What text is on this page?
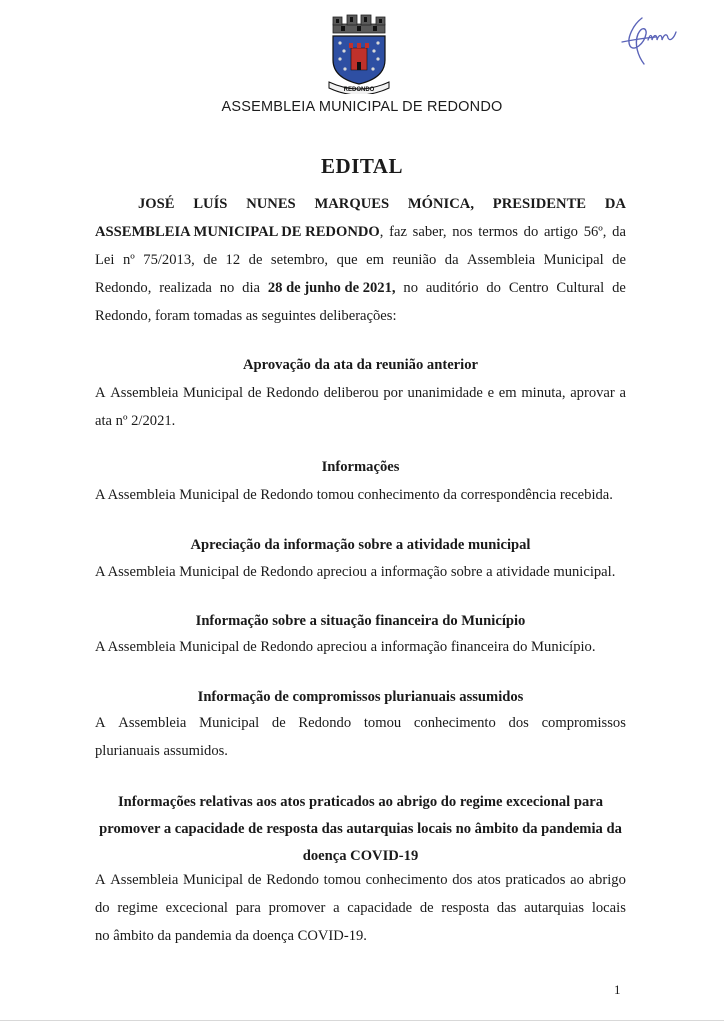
REDONDO
ASSEMBLEIA MUNICIPAL DE REDONDO
EDITAL
JOSÉ LUÍS NUNES MARQUES MÓNICA, PRESIDENTE DA
ASSEMBLEIA MUNICIPAL DE REDONDO, faz saber, nos termos do artigo 56º, da
Lei nº 75/2013, de 12 de setembro, que em reunião da Assembleia Municipal de
Redondo, realizada no dia 28 de junho de 2021, no auditório do Centro Cultural de
Redondo, foram tomadas as seguintes deliberações:
Aprovação da ata da reunião anterior
A Assembleia Municipal de Redondo deliberou por unanimidade e em minuta, aprovar a
ata nº 2/2021.
Informações
A Assembleia Municipal de Redondo tomou conhecimento da correspondência recebida.
Apreciação da informação sobre a atividade municipal
A Assembleia Municipal de Redondo apreciou a informação sobre a atividade municipal.
Informação sobre a situação financeira do Município
A Assembleia Municipal de Redondo apreciou a informação financeira do Município.
Informação de compromissos plurianuais assumidos
A Assembleia Municipal de Redondo tomou conhecimento dos compromissos
plurianuais assumidos.
Informações relativas aos atos praticados ao abrigo do regime excecional para
promover a capacidade de resposta das autarquias locais no âmbito da pandemia da
doença COVID-19
A Assembleia Municipal de Redondo tomou conhecimento dos atos praticados ao abrigo
do regime excecional para promover a capacidade de resposta das autarquias locais
no âmbito da pandemia da doença COVID-19.
1
